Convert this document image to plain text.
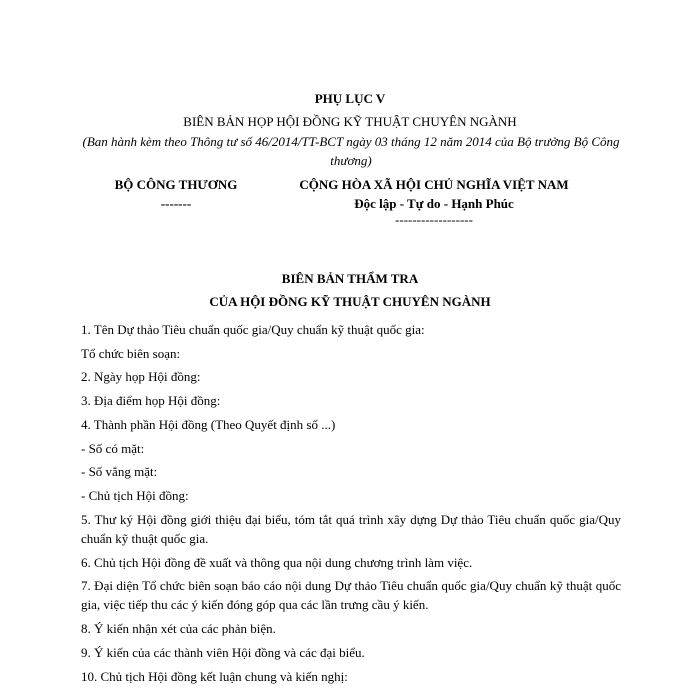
PHỤ LỤC V
BIÊN BẢN HỌP HỘI ĐỒNG KỸ THUẬT CHUYÊN NGÀNH
(Ban hành kèm theo Thông tư số 46/2014/TT-BCT ngày 03 tháng 12 năm 2014 của Bộ trưởng Bộ Công thương)
BỘ CÔNG THƯƠNG
-------
CỘNG HÒA XÃ HỘI CHỦ NGHĨA VIỆT NAM
Độc lập - Tự do - Hạnh Phúc
------------------
BIÊN BẢN THẨM TRA
CỦA HỘI ĐỒNG KỸ THUẬT CHUYÊN NGÀNH
1. Tên Dự thảo Tiêu chuẩn quốc gia/Quy chuẩn kỹ thuật quốc gia:
Tổ chức biên soạn:
2. Ngày họp Hội đồng:
3. Địa điểm họp Hội đồng:
4. Thành phần Hội đồng (Theo Quyết định số ...)
- Số có mặt:
- Số vắng mặt:
- Chủ tịch Hội đồng:
5. Thư ký Hội đồng giới thiệu đại biểu, tóm tắt quá trình xây dựng Dự thảo Tiêu chuẩn quốc gia/Quy chuẩn kỹ thuật quốc gia.
6. Chủ tịch Hội đồng đề xuất và thông qua nội dung chương trình làm việc.
7. Đại diện Tổ chức biên soạn báo cáo nội dung Dự thảo Tiêu chuẩn quốc gia/Quy chuẩn kỹ thuật quốc gia, việc tiếp thu các ý kiến đóng góp qua các lần trưng cầu ý kiến.
8. Ý kiến nhận xét của các phản biện.
9. Ý kiến của các thành viên Hội đồng và các đại biểu.
10. Chủ tịch Hội đồng kết luận chung và kiến nghị:
